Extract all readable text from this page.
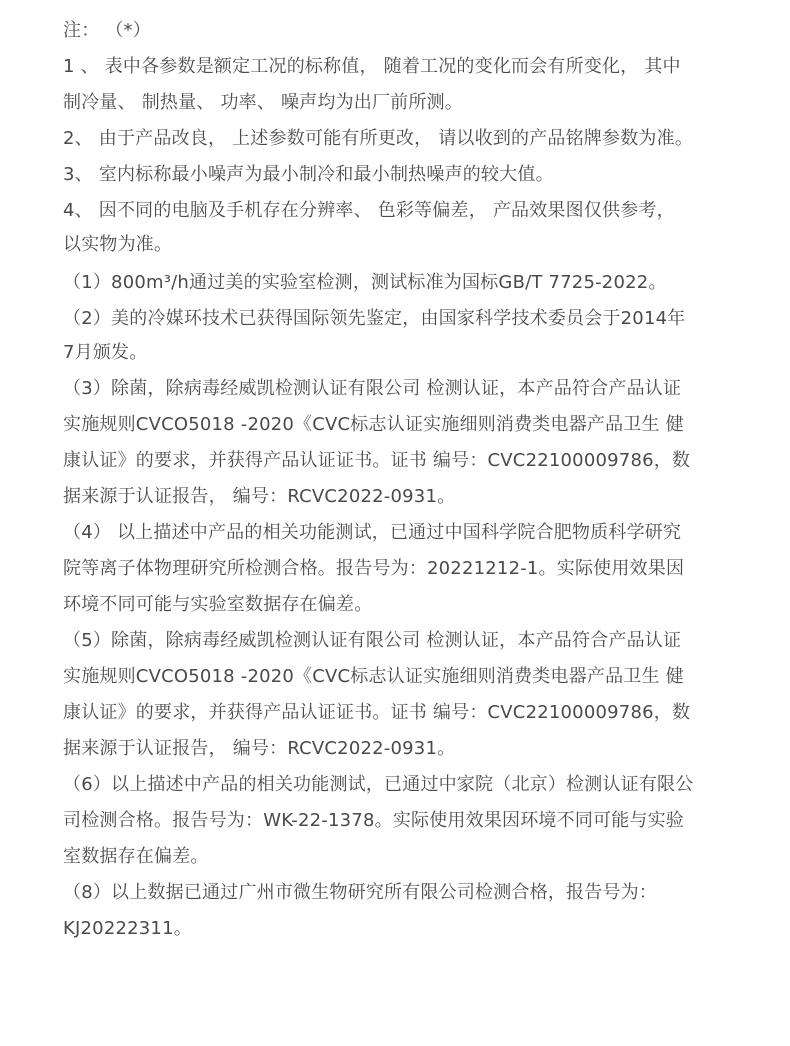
注： （*）
1 、 表中各参数是额定工况的标称值， 随着工况的变化而会有所变化， 其中
制冷量、 制热量、 功率、 噪声均为出厂前所测。
2、 由于产品改良， 上述参数可能有所更改， 请以收到的产品铭牌参数为准。
3、 室内标称最小噪声为最小制冷和最小制热噪声的较大值。
4、 因不同的电脑及手机存在分辨率、 色彩等偏差， 产品效果图仅供参考，
以实物为准。
（1）800m³/h通过美的实验室检测，测试标准为国标GB/T 7725-2022。
（2）美的冷媒环技术已获得国际领先鉴定，由国家科学技术委员会于2014年
7月颁发。
（3）除菌，除病毒经威凯检测认证有限公司 检测认证，本产品符合产品认证
实施规则CVCO5018 -2020《CVC标志认证实施细则消费类电器产品卫生 健
康认证》的要求，并获得产品认证证书。证书 编号：CVC22100009786，数
据来源于认证报告， 编号：RCVC2022-0931。
（4） 以上描述中产品的相关功能测试，已通过中国科学院合肥物质科学研究
院等离子体物理研究所检测合格。报告号为：20221212-1。实际使用效果因
环境不同可能与实验室数据存在偏差。
（5）除菌，除病毒经威凯检测认证有限公司 检测认证，本产品符合产品认证
实施规则CVCO5018 -2020《CVC标志认证实施细则消费类电器产品卫生 健
康认证》的要求，并获得产品认证证书。证书 编号：CVC22100009786，数
据来源于认证报告， 编号：RCVC2022-0931。
（6）以上描述中产品的相关功能测试，已通过中家院（北京）检测认证有限公
司检测合格。报告号为：WK-22-1378。实际使用效果因环境不同可能与实验
室数据存在偏差。
（8）以上数据已通过广州市微生物研究所有限公司检测合格，报告号为：
KJ20222311。
